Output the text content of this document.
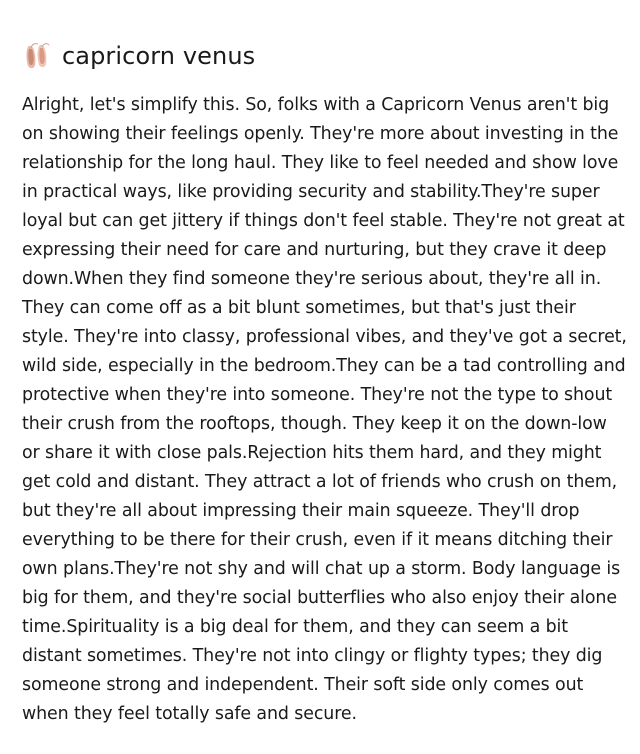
capricorn venus

Alright, let's simplify this. So, folks with a Capricorn Venus aren't big on showing their feelings openly. They're more about investing in the relationship for the long haul. They like to feel needed and show love in practical ways, like providing security and stability.They're super loyal but can get jittery if things don't feel stable. They're not great at expressing their need for care and nurturing, but they crave it deep down.When they find someone they're serious about, they're all in. They can come off as a bit blunt sometimes, but that's just their style. They're into classy, professional vibes, and they've got a secret, wild side, especially in the bedroom.They can be a tad controlling and protective when they're into someone. They're not the type to shout their crush from the rooftops, though. They keep it on the down-low or share it with close pals.Rejection hits them hard, and they might get cold and distant. They attract a lot of friends who crush on them, but they're all about impressing their main squeeze. They'll drop everything to be there for their crush, even if it means ditching their own plans.They're not shy and will chat up a storm. Body language is big for them, and they're social butterflies who also enjoy their alone time.Spirituality is a big deal for them, and they can seem a bit distant sometimes. They're not into clingy or flighty types; they dig someone strong and independent. Their soft side only comes out when they feel totally safe and secure.
